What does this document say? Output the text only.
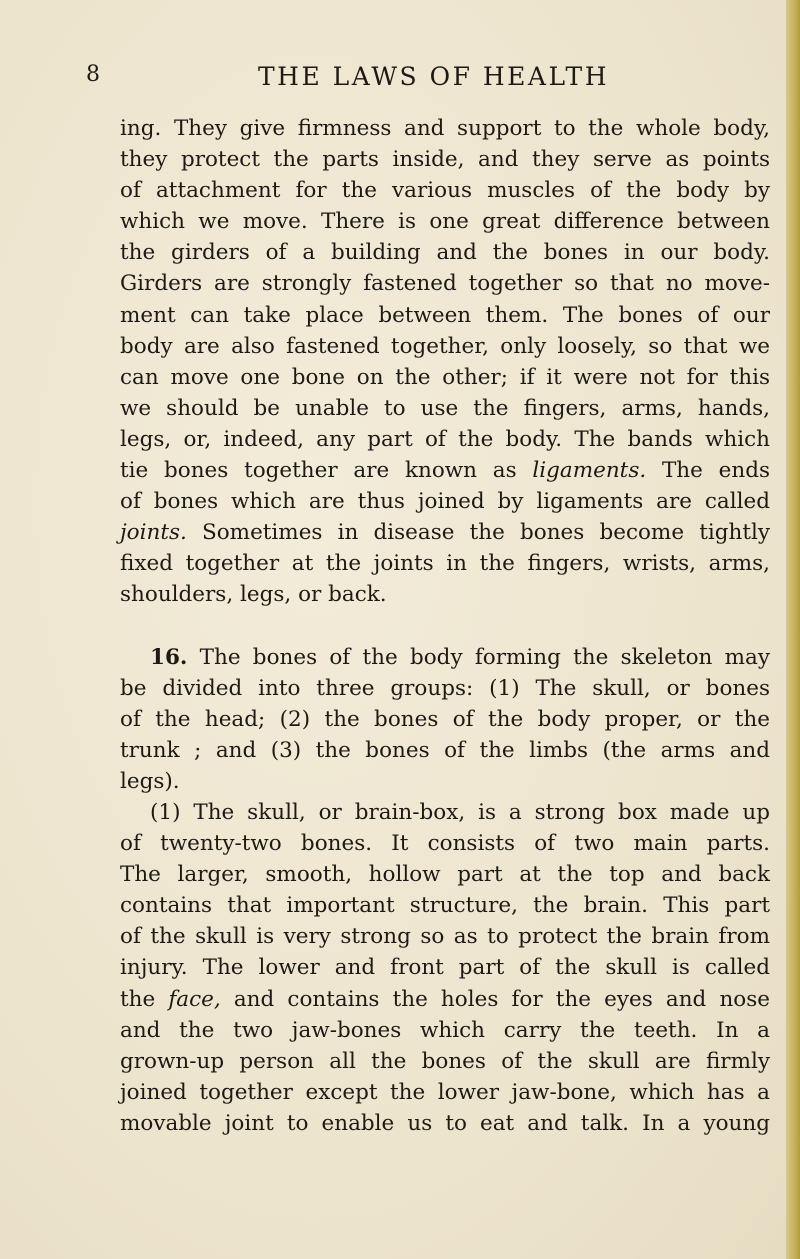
8	THE LAWS OF HEALTH

ing. They give firmness and support to the whole body,
they protect the parts inside, and they serve as points
of attachment for the various muscles of the body by
which we move. There is one great difference between
the girders of a building and the bones in our body.
Girders are strongly fastened together so that no move-
ment can take place between them. The bones of our
body are also fastened together, only loosely, so that we
can move one bone on the other; if it were not for this
we should be unable to use the fingers, arms, hands,
legs, or, indeed, any part of the body. The bands which
tie bones together are known as ligaments. The ends
of bones which are thus joined by ligaments are called
joints. Sometimes in disease the bones become tightly
fixed together at the joints in the fingers, wrists, arms,
shoulders, legs, or back.

16. The bones of the body forming the skeleton may
be divided into three groups: (1) The skull, or bones
of the head; (2) the bones of the body proper, or the
trunk ; and (3) the bones of the limbs (the arms and
legs).

(1) The skull, or brain-box, is a strong box made up
of twenty-two bones. It consists of two main parts.
The larger, smooth, hollow part at the top and back
contains that important structure, the brain. This part
of the skull is very strong so as to protect the brain from
injury. The lower and front part of the skull is called
the face, and contains the holes for the eyes and nose
and the two jaw-bones which carry the teeth. In a
grown-up person all the bones of the skull are firmly
joined together except the lower jaw-bone, which has a
movable joint to enable us to eat and talk. In a young
